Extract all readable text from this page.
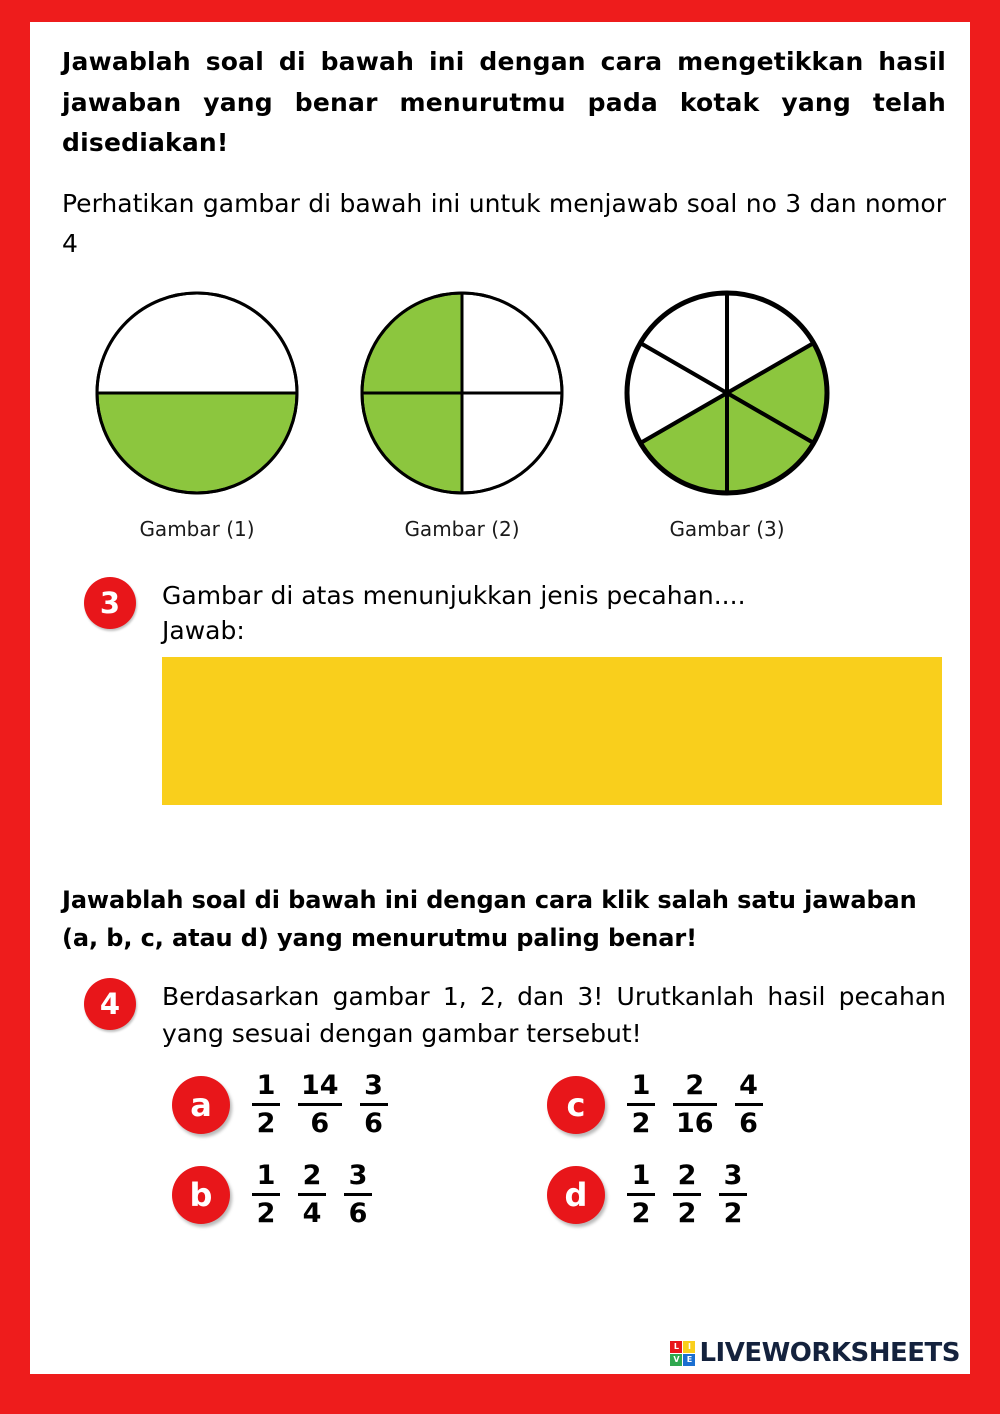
Jawablah soal di bawah ini dengan cara mengetikkan hasil jawaban yang benar menurutmu pada kotak yang telah disediakan!
Perhatikan gambar di bawah ini untuk menjawab soal no 3 dan nomor 4
Gambar (1)	Gambar (2)	Gambar (3)
3	Gambar di atas menunjukkan jenis pecahan....
Jawab:
Jawablah soal di bawah ini dengan cara klik salah satu jawaban (a, b, c, atau d) yang menurutmu paling benar!
4	Berdasarkan gambar 1, 2, dan 3! Urutkanlah hasil pecahan yang sesuai dengan gambar tersebut!
a	$\frac{1}{2} \frac{14}{6} \frac{3}{6}$
b	$\frac{1}{2} \frac{2}{4} \frac{3}{6}$
c	$\frac{1}{2} \frac{2}{16} \frac{4}{6}$
d	$\frac{1}{2} \frac{2}{2} \frac{3}{2}$
L	I
V E LIVEWORKSHEETS
